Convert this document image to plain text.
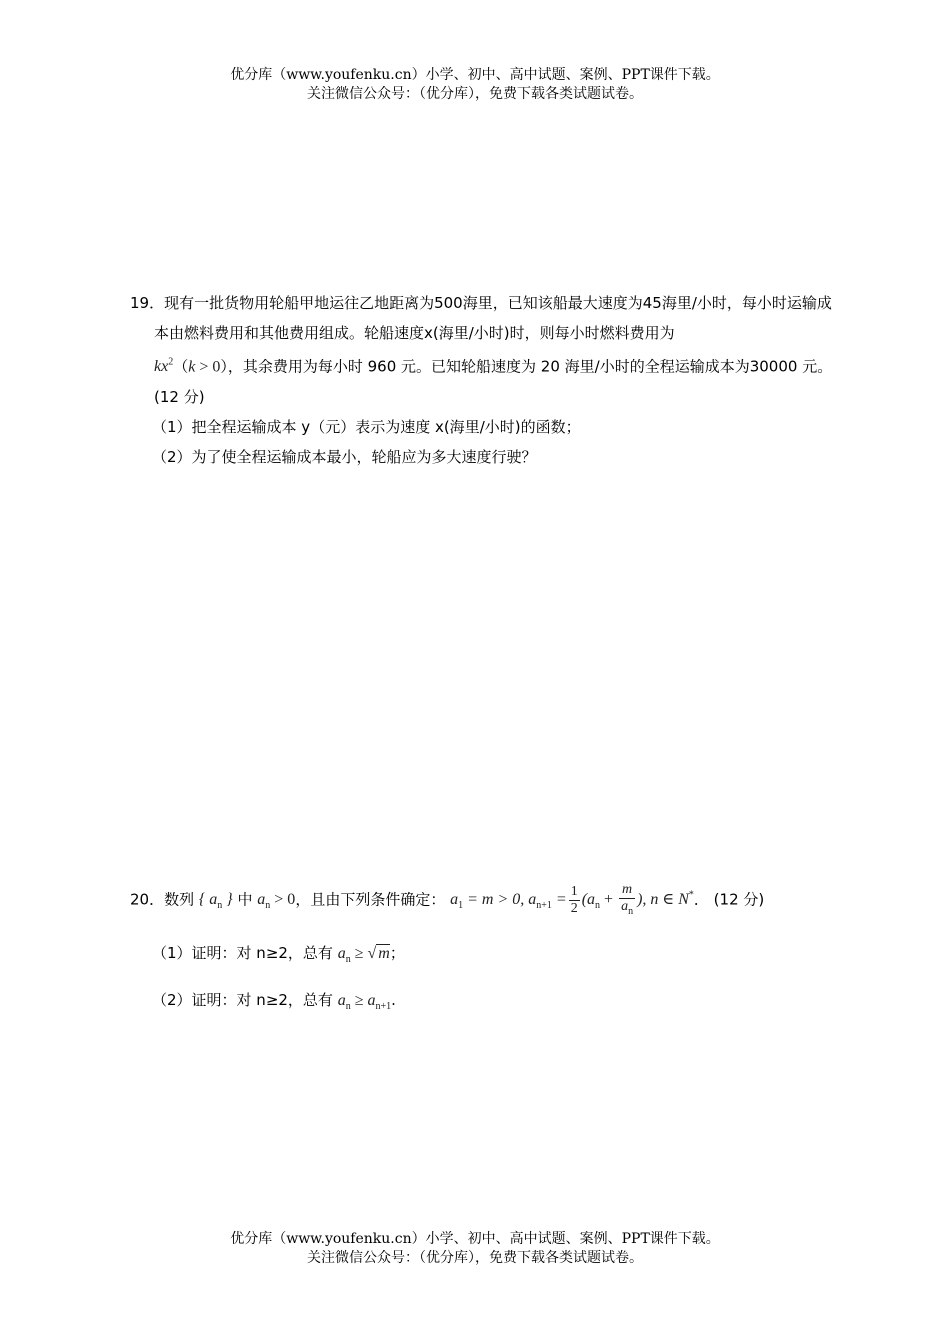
优分库（www.youfenku.cn）小学、初中、高中试题、案例、PPT课件下载。
关注微信公众号：（优分库），免费下载各类试题试卷。
19．现有一批货物用轮船甲地运往乙地距离为500海里，已知该船最大速度为45海里/小时，每小时运输成本由燃料费用和其他费用组成。轮船速度x(海里/小时)时，则每小时燃料费用为
$kx^2(k > 0)$，其余费用为每小时 960 元。已知轮船速度为 20 海里/小时的全程运输成本为30000 元。(12 分)
（1）把全程运输成本 y（元）表示为速度 x(海里/小时)的函数；
（2）为了使全程运输成本最小，轮船应为多大速度行驶？
20．数列 { $a_n$ } 中 $a_n > 0$，且由下列条件确定： $a_1 = m > 0$, $a_{n+1} = \frac{1}{2} (a_n + \frac{m}{a_n}$ ), n ∈ N*． (12 分)
（1）证明：对 n≥2，总有 $a_n$ ≥ √ m；
（2）证明：对 n≥2，总有 $a_n \ge a_{n+1}$.
优分库（www.youfenku.cn）小学、初中、高中试题、案例、PPT课件下载。
关注微信公众号：（优分库），免费下载各类试题试卷。
